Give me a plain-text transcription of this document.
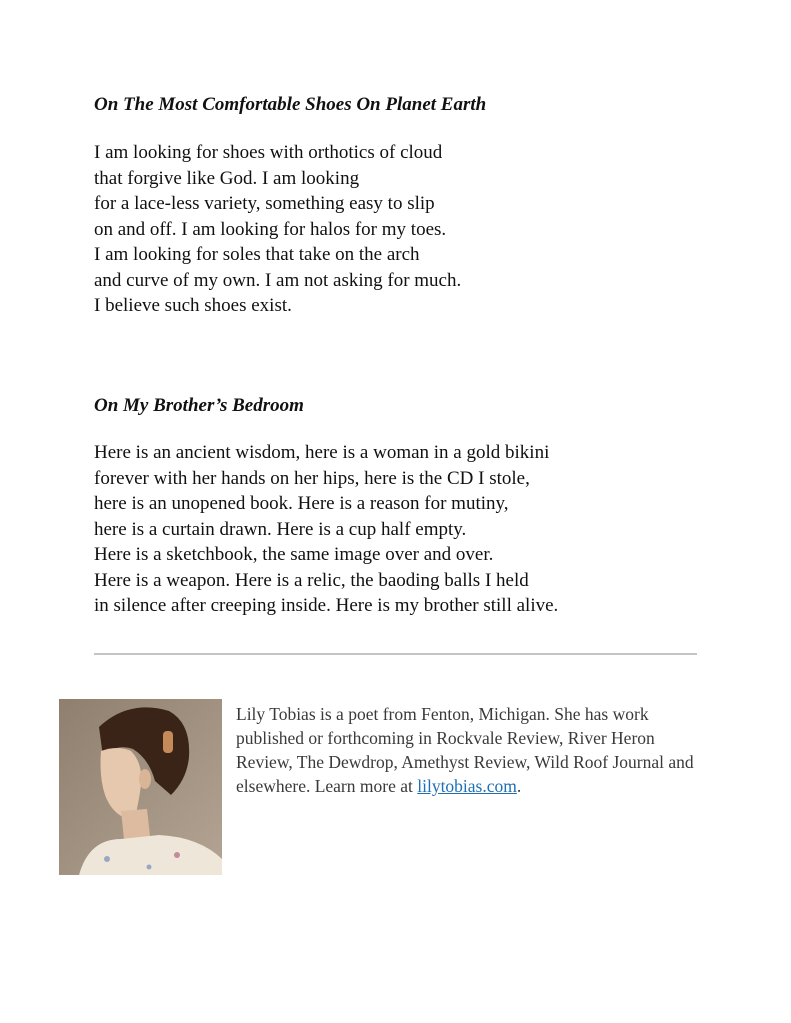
On The Most Comfortable Shoes On Planet Earth

I am looking for shoes with orthotics of cloud
that forgive like God. I am looking
for a lace-less variety, something easy to slip
on and off. I am looking for halos for my toes.
I am looking for soles that take on the arch
and curve of my own. I am not asking for much.
I believe such shoes exist.

On My Brother’s Bedroom

Here is an ancient wisdom, here is a woman in a gold bikini
forever with her hands on her hips, here is the CD I stole,
here is an unopened book. Here is a reason for mutiny,
here is a curtain drawn. Here is a cup half empty.
Here is a sketchbook, the same image over and over.
Here is a weapon. Here is a relic, the baoding balls I held
in silence after creeping inside. Here is my brother still alive.

Lily Tobias is a poet from Fenton, Michigan. She has work published or forthcoming in Rockvale Review, River Heron Review, The Dewdrop, Amethyst Review, Wild Roof Journal and elsewhere. Learn more at lilytobias.com.
